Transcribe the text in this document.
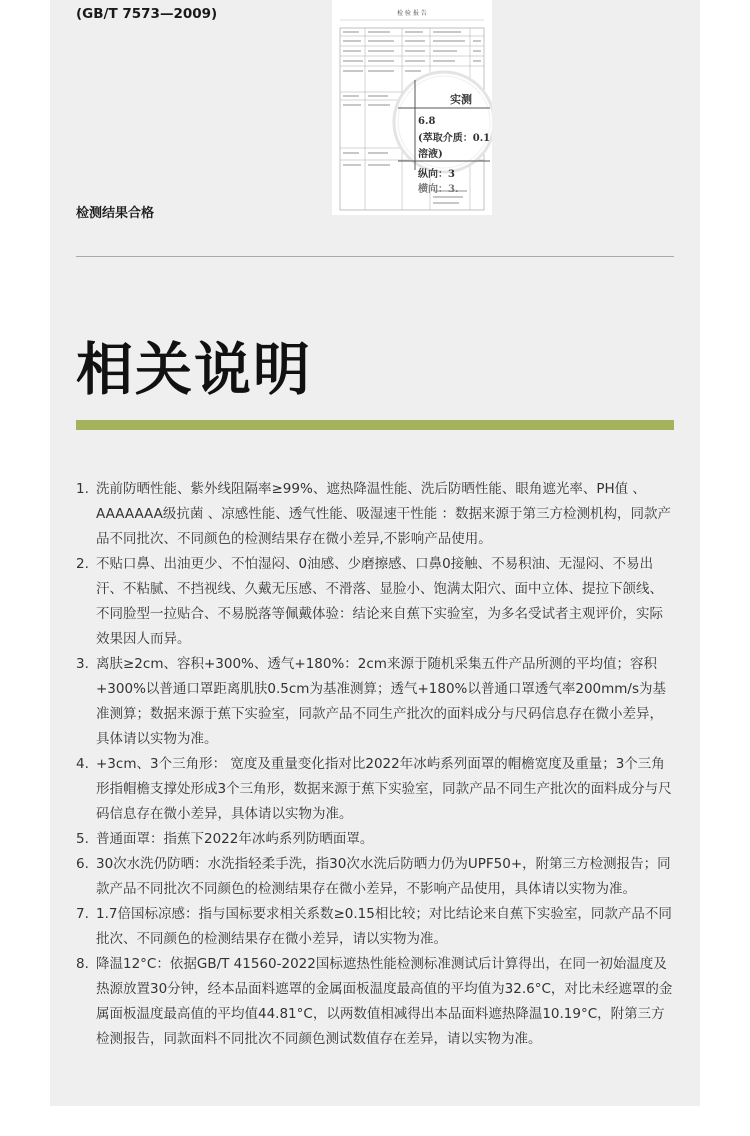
(GB/T 7573—2009)	检 验 报 告
实测
6.8
(萃取介质：0.1
溶液)
纵向：3
横向：3.
检测结果合格
相关说明
1. 洗前防晒性能、紫外线阻隔率≥99%、遮热降温性能、洗后防晒性能、眼角遮光率、PH值 、AAAAAAA级抗菌 、凉感性能、透气性能、吸湿速干性能 ：数据来源于第三方检测机构，同款产品不同批次、不同颜色的检测结果存在微小差异,不影响产品使用。
2. 不贴口鼻、出油更少、不怕湿闷、0油感、少磨擦感、口鼻0接触、不易积油、无湿闷、不易出汗、不粘腻、不挡视线、久戴无压感、不滑落、显脸小、饱满太阳穴、面中立体、提拉下颌线、不同脸型一拉贴合、不易脱落等佩戴体验：结论来自蕉下实验室，为多名受试者主观评价，实际效果因人而异。
3. 离肤≥2cm、容积+300%、透气+180%：2cm来源于随机采集五件产品所测的平均值；容积+300%以普通口罩距离肌肤0.5cm为基准测算；透气+180%以普通口罩透气率200mm/s为基准测算；数据来源于蕉下实验室，同款产品不同生产批次的面料成分与尺码信息存在微小差异，具体请以实物为准。
4. +3cm、3个三角形： 宽度及重量变化指对比2022年冰屿系列面罩的帽檐宽度及重量；3个三角形指帽檐支撑处形成3个三角形，数据来源于蕉下实验室，同款产品不同生产批次的面料成分与尺码信息存在微小差异，具体请以实物为准。
5. 普通面罩：指蕉下2022年冰屿系列防晒面罩。
6. 30次水洗仍防晒：水洗指轻柔手洗，指30次水洗后防晒力仍为UPF50+，附第三方检测报告；同款产品不同批次不同颜色的检测结果存在微小差异，不影响产品使用，具体请以实物为准。
7. 1.7倍国标凉感：指与国标要求相关系数≥0.15相比较；对比结论来自蕉下实验室，同款产品不同批次、不同颜色的检测结果存在微小差异，请以实物为准。
8. 降温12°C：依据GB/T 41560-2022国标遮热性能检测标准测试后计算得出，在同一初始温度及热源放置30分钟，经本品面料遮罩的金属面板温度最高值的平均值为32.6°C，对比未经遮罩的金属面板温度最高值的平均值44.81°C，以两数值相减得出本品面料遮热降温10.19°C，附第三方检测报告，同款面料不同批次不同颜色测试数值存在差异，请以实物为准。
